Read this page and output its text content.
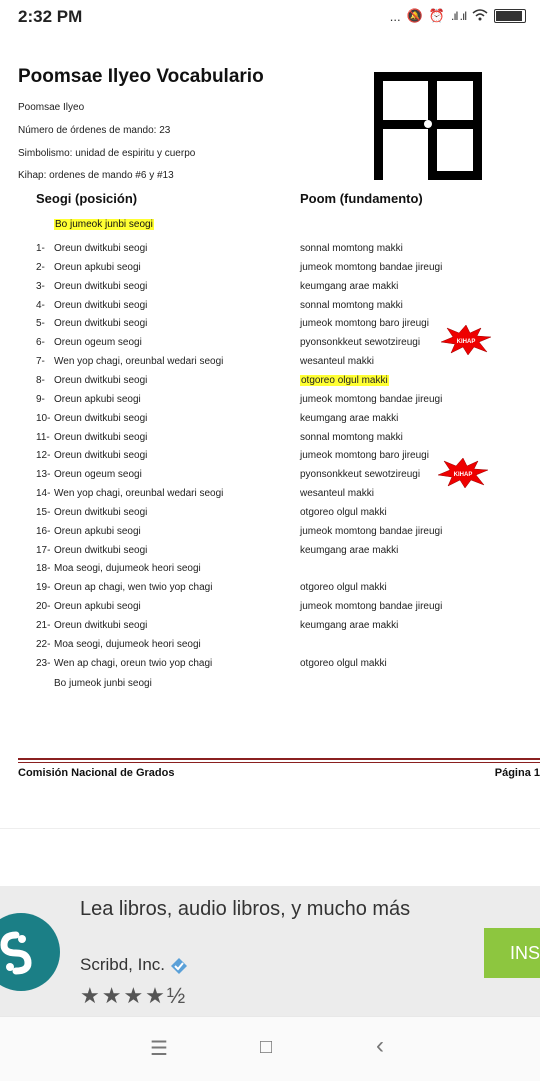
2:32 PM	... 🔕 ⏰ .ıl .ıl
Poomsae Ilyeo Vocabulario
Poomsae Ilyeo
Número de órdenes de mando: 23
Simbolismo: unidad de espiritu y cuerpo
Kihap: ordenes de mando #6 y #13
Seogi (posición)	Poom (fundamento)
Bo jumeok junbi seogi
1- Oreun dwitkubi seogi	sonnal momtong makki
2- Oreun apkubi seogi	jumeok momtong bandae jireugi
3- Oreun dwitkubi seogi	keumgang arae makki
4- Oreun dwitkubi seogi	sonnal momtong makki
5- Oreun dwitkubi seogi	jumeok momtong baro jireugi
6- Oreun ogeum seogi	pyonsonkkeut sewotzireugi
7- Wen yop chagi, oreunbal wedari seogi	wesanteul makki
8- Oreun dwitkubi seogi	otgoreo olgul makki
9- Oreun apkubi seogi	jumeok momtong bandae jireugi
10- Oreun dwitkubi seogi	keumgang arae makki
11- Oreun dwitkubi seogi	sonnal momtong makki
12- Oreun dwitkubi seogi	jumeok momtong baro jireugi
13- Oreun ogeum seogi	pyonsonkkeut sewotzireugi
14- Wen yop chagi, oreunbal wedari seogi	wesanteul makki
15- Oreun dwitkubi seogi	otgoreo olgul makki
16- Oreun apkubi seogi	jumeok momtong bandae jireugi
17- Oreun dwitkubi seogi	keumgang arae makki
18- Moa seogi, dujumeok heori seogi
19- Oreun ap chagi, wen twio yop chagi	otgoreo olgul makki
20- Oreun apkubi seogi	jumeok momtong bandae jireugi
21- Oreun dwitkubi seogi	keumgang arae makki
22- Moa seogi, dujumeok heori seogi
23- Wen ap chagi, oreun twio yop chagi	otgoreo olgul makki
Bo jumeok junbi seogi
KIHAP
KIHAP
Comisión Nacional de Grados	Página 1
Lea libros, audio libros, y mucho más
Scribd, Inc.
★★★★½
INS
☰	□	‹
